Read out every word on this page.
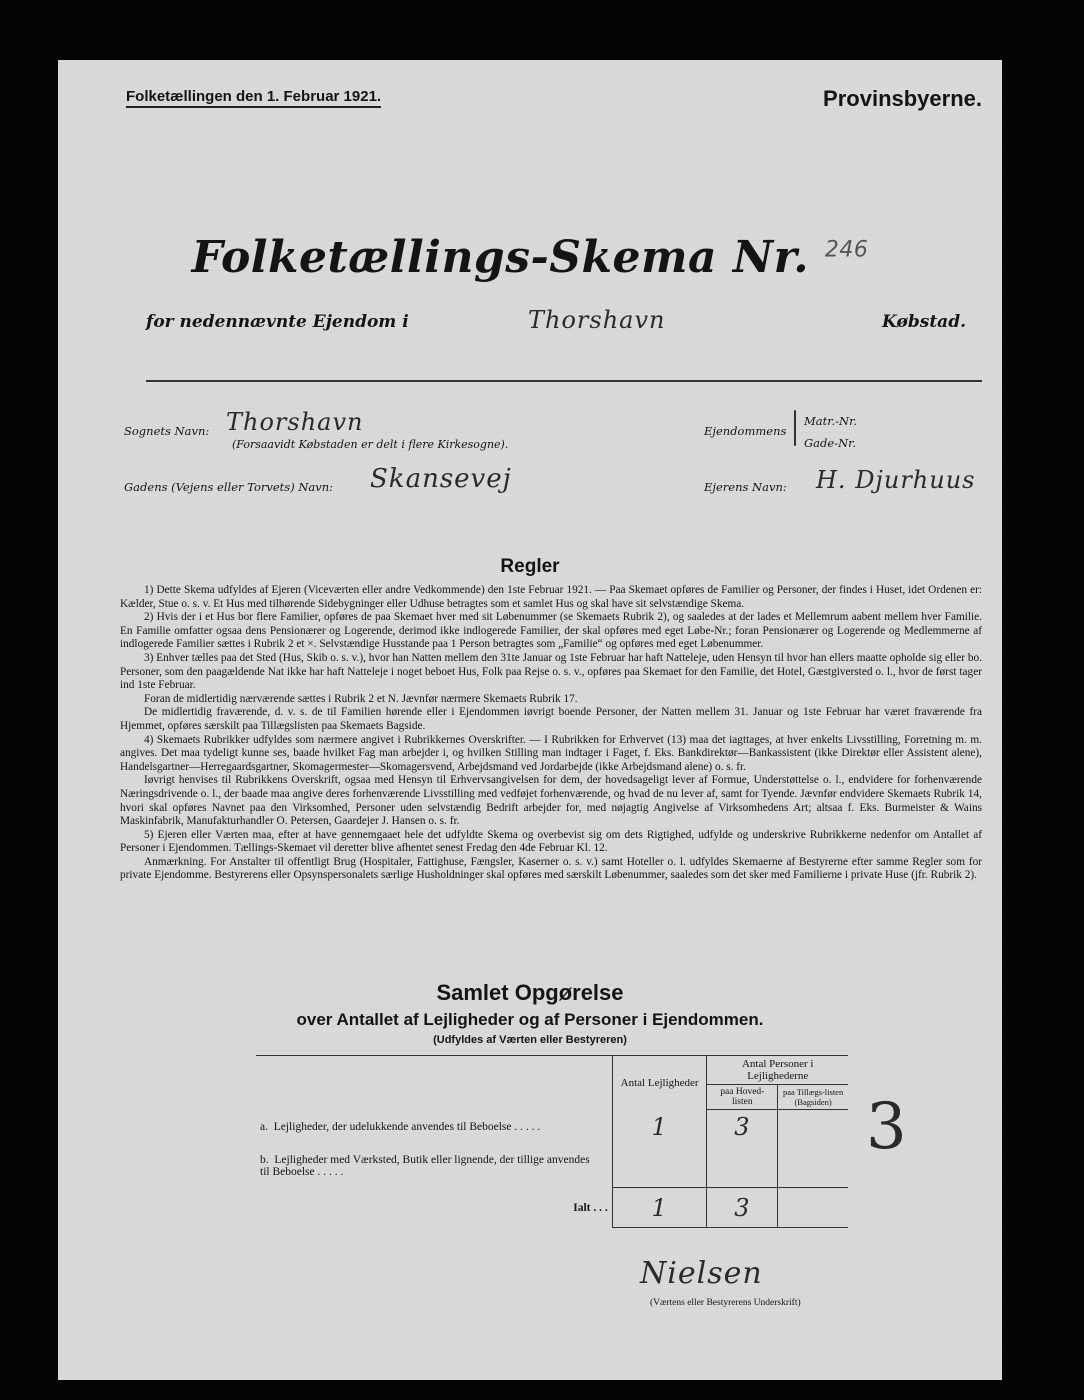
Folketællingen den 1. Februar 1921.	Provinsbyerne.
Folketællings-Skema Nr. $^{246}$
for nedennævnte Ejendom i	Thorshavn	Købstad.
Sognets Navn: Thorshavn
(Forsaavidt Købstaden er delt i flere Kirkesogne).
Ejendommens
Matr.-Nr.
Gade-Nr.
Gadens (Vejens eller Torvets) Navn: Skansevej	Ejerens Navn: H. Djurhuus
Regler

1) Dette Skema udfyldes af Ejeren (Viceværten eller andre Vedkommende) den 1ste Februar 1921. — Paa Skemaet opføres de Familier og Personer, der findes i Huset, idet Ordenen er: Kælder, Stue o. s. v. Et Hus med tilhørende Sidebygninger eller Udhuse betragtes som et samlet Hus og skal have sit selvstændige Skema.

2) Hvis der i et Hus bor flere Familier, opføres de paa Skemaet hver med sit Løbenummer (se Skemaets Rubrik 2), og saaledes at der lades et Mellemrum aabent mellem hver Familie. En Familie omfatter ogsaa dens Pensionærer og Logerende, derimod ikke indlogerede Familier, der skal opføres med eget Løbe-Nr.; foran Pensionærer og Logerende og Medlemmerne af indlogerede Familier sættes i Rubrik 2 et ×. Selvstændige Husstande paa 1 Person betragtes som „Familie“ og opføres med eget Løbenummer.

3) Enhver tælles paa det Sted (Hus, Skib o. s. v.), hvor han Natten mellem den 31te Januar og 1ste Februar har haft Natteleje, uden Hensyn til hvor han ellers maatte opholde sig eller bo. Personer, som den paagældende Nat ikke har haft Natteleje i noget beboet Hus, Folk paa Rejse o. s. v., opføres paa Skemaet for den Familie, det Hotel, Gæstgiversted o. l., hvor de først tager ind 1ste Februar.

Foran de midlertidig nærværende sættes i Rubrik 2 et N. Jævnfør nærmere Skemaets Rubrik 17.

De midlertidig fraværende, d. v. s. de til Familien hørende eller i Ejendommen iøvrigt boende Personer, der Natten mellem 31. Januar og 1ste Februar har været fraværende fra Hjemmet, opføres særskilt paa Tillægslisten paa Skemaets Bagside.

4) Skemaets Rubrikker udfyldes som nærmere angivet i Rubrikkernes Overskrifter. — I Rubrikken for Erhvervet (13) maa det iagttages, at hver enkelts Livsstilling, Forretning m. m. angives. Det maa tydeligt kunne ses, baade hvilket Fag man arbejder i, og hvilken Stilling man indtager i Faget, f. Eks. Bankdirektør—Bankassistent (ikke Direktør eller Assistent alene), Handelsgartner—Herregaardsgartner, Skomagermester—Skomagersvend, Arbejdsmand ved Jordarbejde (ikke Arbejdsmand alene) o. s. fr.

Iøvrigt henvises til Rubrikkens Overskrift, ogsaa med Hensyn til Erhvervsangivelsen for dem, der hovedsageligt lever af Formue, Understøttelse o. l., endvidere for forhenværende Næringsdrivende o. l., der baade maa angive deres forhenværende Livsstilling med vedføjet forhenværende, og hvad de nu lever af, samt for Tyende. Jævnfør endvidere Skemaets Rubrik 14, hvori skal opføres Navnet paa den Virksomhed, Personer uden selvstændig Bedrift arbejder for, med nøjagtig Angivelse af Virksomhedens Art; altsaa f. Eks. Burmeister & Wains Maskinfabrik, Manufakturhandler O. Petersen, Gaardejer J. Hansen o. s. fr.

5) Ejeren eller Værten maa, efter at have gennemgaaet hele det udfyldte Skema og overbevist sig om dets Rigtighed, udfylde og underskrive Rubrikkerne nedenfor om Antallet af Personer i Ejendommen. Tællings-Skemaet vil deretter blive afhentet senest Fredag den 4de Februar Kl. 12.

Anmærkning. For Anstalter til offentligt Brug (Hospitaler, Fattighuse, Fængsler, Kaserner o. s. v.) samt Hoteller o. l. udfyldes Skemaerne af Bestyrerne efter samme Regler som for private Ejendomme. Bestyrerens eller Opsynspersonalets særlige Husholdninger skal opføres med særskilt Løbenummer, saaledes som det sker med Familierne i private Huse (jfr. Rubrik 2).

Samlet Opgørelse
over Antallet af Lejligheder og af Personer i Ejendommen.
(Udfyldes af Værten eller Bestyreren)
	Antal Lejligheder	Antal Personer i Lejlighederne	
		paa Hoved-listen	paa Tillægs-listen (Bagsiden)
a. Lejligheder, der udelukkende anvendes til Beboelse . . . . .	1	3	
b. Lejligheder med Værksted, Butik eller lignende, der tillige anvendes til Beboelse . . . . .			
Ialt . . .	1	3	
3
Nielsen
(Værtens eller Bestyrerens Underskrift)
